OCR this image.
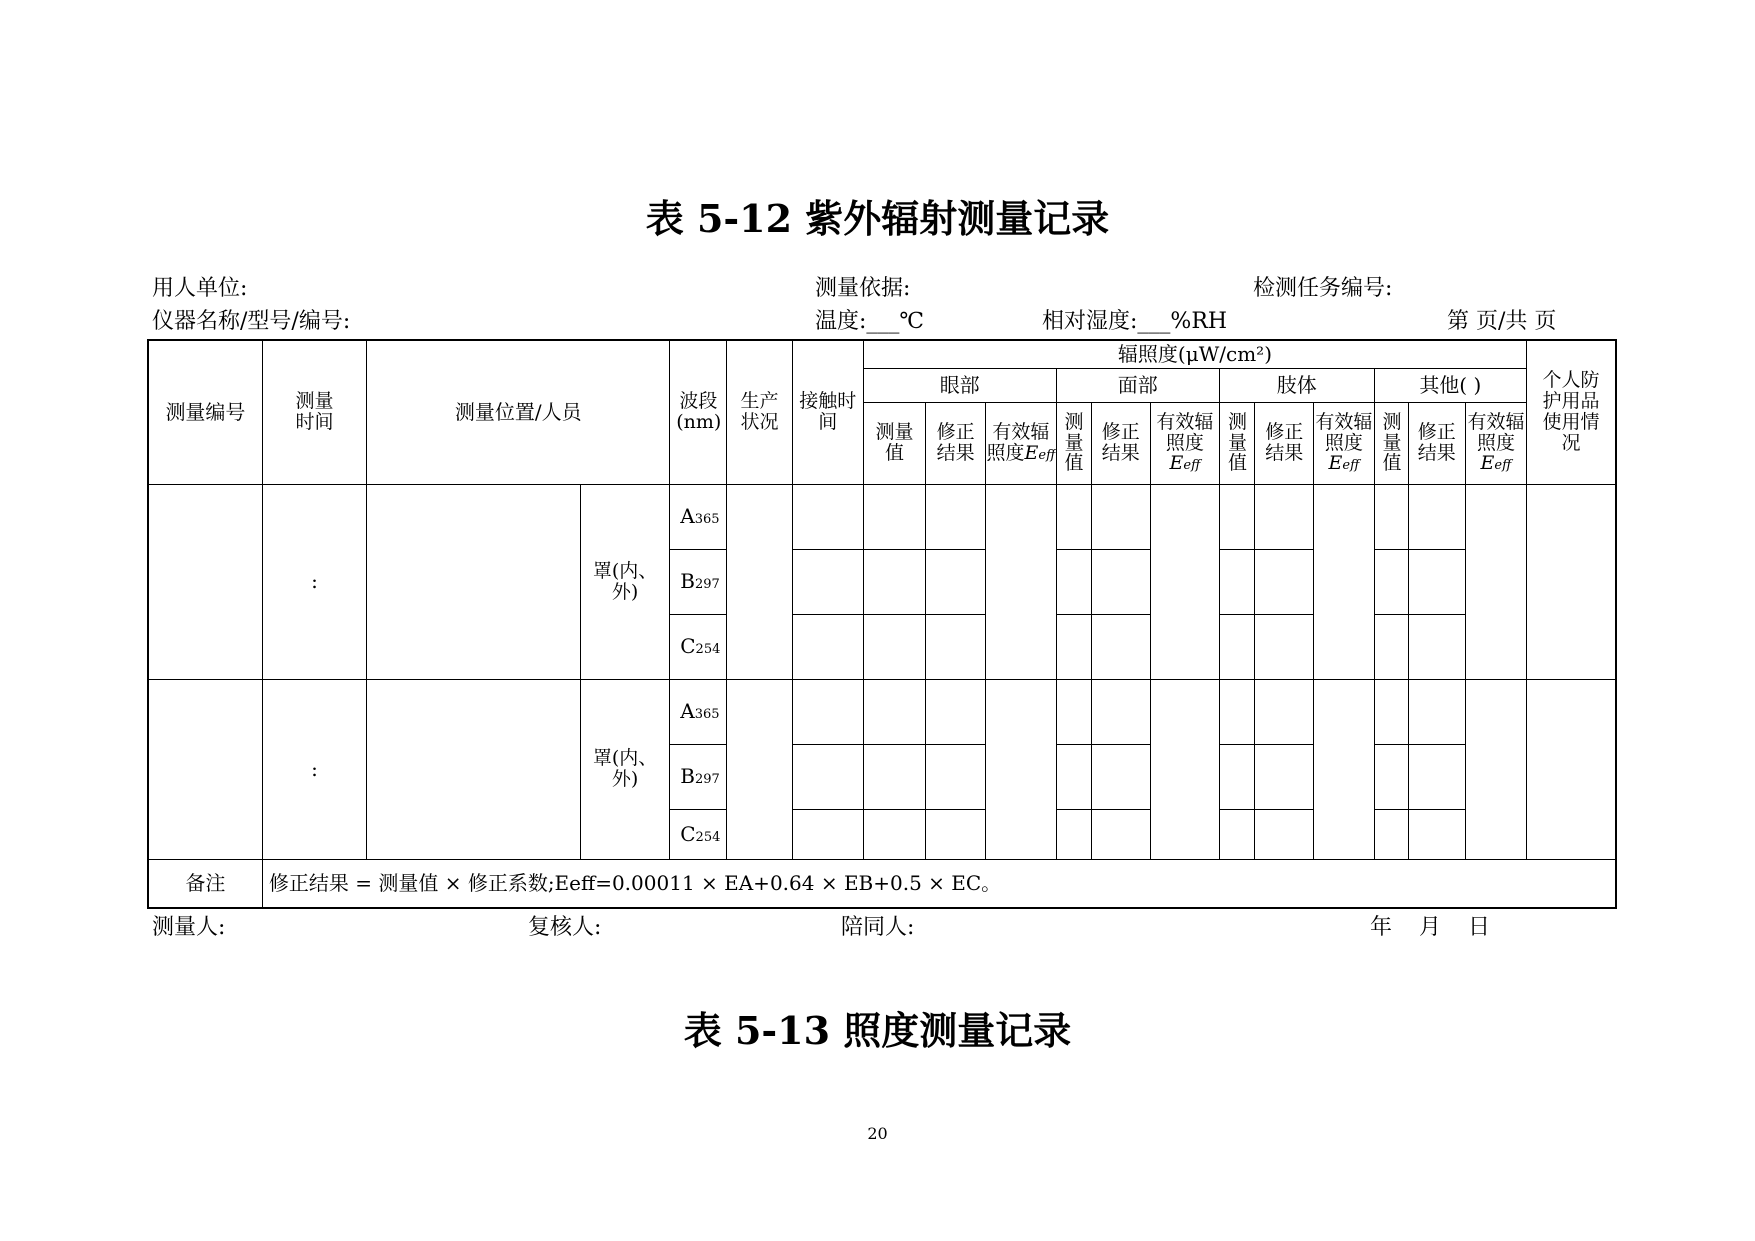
表 5-12 紫外辐射测量记录
用人单位:	测量依据:	检测任务编号:
仪器名称/型号/编号:	温度:___℃	相对湿度:___%RH	第 页/共 页
测量编号	测量时间	测量位置/人员		波段(nm)	生产状况	接触时间	辐照度(μW/cm²)												个人防护用品使用情况
							眼部			面部			肢体			其他( )			
							测量值	修正结果	有效辐照度Eeff	测量值	修正结果	有效辐照度Eeff	测量值	修正结果	有效辐照度Eeff	测量值	修正结果	有效辐照度Eeff	
	:		罩(内、外)	A365															
				B297															
				C254															
	:		罩(内、外)	A365															
				B297															
				C254															
备注	修正结果 = 测量值 × 修正系数;Eeff=0.00011 × EA+0.64 × EB+0.5 × EC。																		
测量人:	复核人:	陪同人:	年 月 日
表 5-13 照度测量记录
20
